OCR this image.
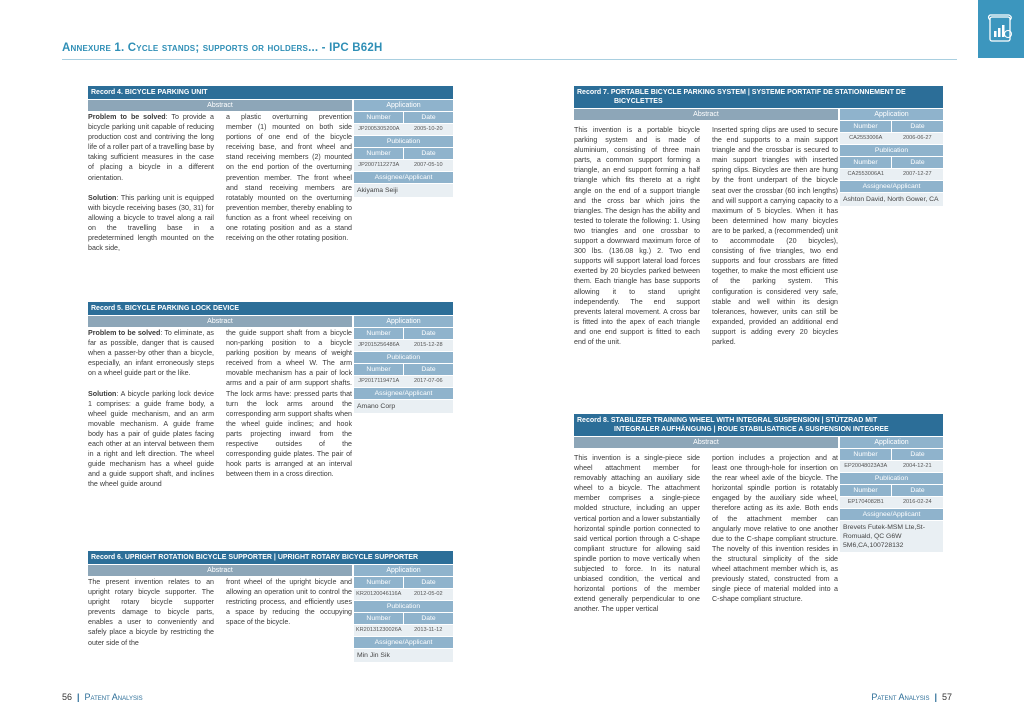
Annexure 1. Cycle stands; supports or holders... - IPC B62H
Record 4. BICYCLE PARKING UNIT
Abstract	Application

Problem to be solved: To provide a bicycle parking unit capable of reducing production cost and contriving the long life of a roller part of a travelling base by taking sufficient measures in the case of placing a bicycle in a different orientation.

Solution: This parking unit is equipped with bicycle receiving bases (30, 31) for allowing a bicycle to travel along a rail on the travelling base in a predetermined length mounted on the back side,

a plastic overturning prevention member (1) mounted on both side portions of one end of the bicycle receiving base, and front wheel and stand receiving members (2) mounted on the end portion of the overturning prevention member. The front wheel and stand receiving members are rotatably mounted on the overturning prevention member, thereby enabling to function as a front wheel receiving on one rotating position and as a stand receiving on the other rotating position.
Number	Date
JP2005305200A	2005-10-20
Publication
Number	Date
JP2007112273A	2007-05-10
Assignee/Applicant
Akiyama Seiji
Record 5. BICYCLE PARKING LOCK DEVICE
Abstract	Application

Problem to be solved: To eliminate, as far as possible, danger that is caused when a passer-by other than a bicycle, especially, an infant erroneously steps on a wheel guide part or the like.

Solution: A bicycle parking lock device 1 comprises: a guide frame body, a wheel guide mechanism, and an arm movable mechanism. A guide frame body has a pair of guide plates facing each other at an interval between them in a right and left direction. The wheel guide mechanism has a wheel guide and a guide support shaft, and inclines the wheel guide around

the guide support shaft from a bicycle non-parking position to a bicycle parking position by means of weight received from a wheel W. The arm movable mechanism has a pair of lock arms and a pair of arm support shafts. The lock arms have: pressed parts that turn the lock arms around the corresponding arm support shafts when the wheel guide inclines; and hook parts projecting inward from the respective outsides of the corresponding guide plates. The pair of hook parts is arranged at an interval between them in a cross direction.
Number	Date
JP2015256486A	2015-12-28
Publication
Number	Date
JP2017119471A	2017-07-06
Assignee/Applicant
Amano Corp
Record 6. UPRIGHT ROTATION BICYCLE SUPPORTER | UPRIGHT ROTARY BICYCLE SUPPORTER
Abstract	Application

The present invention relates to an upright rotary bicycle supporter. The upright rotary bicycle supporter prevents damage to bicycle parts, enables a user to conveniently and safely place a bicycle by restricting the outer side of the

front wheel of the upright bicycle and allowing an operation unit to control the restricting process, and efficiently uses a space by reducing the occupying space of the bicycle.
Number	Date
KR20120046116A	2012-05-02
Publication
Number	Date
KR20131230026A	2013-11-12
Assignee/Applicant
Min Jin Sik
Record 7. PORTABLE BICYCLE PARKING SYSTEM | SYSTEME PORTATIF DE STATIONNEMENT DE
BICYCLETTES
Abstract	Application

This invention is a portable bicycle parking system and is made of aluminium, consisting of three main parts, a common support forming a triangle, an end support forming a half triangle which fits thereto at a right angle on the end of a support triangle and the cross bar which joins the triangles. The design has the ability and tested to tolerate the following: 1. Using two triangles and one crossbar to support a downward maximum force of 300 lbs. (136.08 kg.) 2. Two end supports will support lateral load forces exerted by 20 bicycles parked between them. Each triangle has base supports allowing it to stand upright independently. The end support prevents lateral movement. A cross bar is fitted into the apex of each triangle and one end support is fitted to each end of the unit.

Inserted spring clips are used to secure the end supports to a main support triangle and the crossbar is secured to main support triangles with inserted spring clips. Bicycles are then are hung by the front underpart of the bicycle seat over the crossbar (60 inch lengths) and will support a carrying capacity to a maximum of 5 bicycles. When it has been determined how many bicycles are to be parked, a (recommended) unit to accommodate (20 bicycles), consisting of five triangles, two end supports and four crossbars are fitted together, to make the most efficient use of the parking system. This configuration is considered very safe, stable and well within its design tolerances, however, units can still be expanded, provided an additional end support is adding every 20 bicycles parked.
Number	Date
CA2553006A	2006-06-27
Publication
Number	Date
CA2553006A1	2007-12-27
Assignee/Applicant
Ashton David, North Gower, CA
Record 8. STABILIZER TRAINING WHEEL WITH INTEGRAL SUSPENSION | STÜTZRAD MIT
INTEGRALER AUFHÄNGUNG | ROUE STABILISATRICE A SUSPENSION INTEGREE
Abstract	Application

This invention is a single-piece side wheel attachment member for removably attaching an auxiliary side wheel to a bicycle. The attachment member comprises a single-piece molded structure, including an upper vertical portion and a lower substantially horizontal spindle portion connected to said vertical portion through a C-shape compliant structure for allowing said spindle portion to move vertically when subjected to force. In its natural unbiased condition, the vertical and horizontal portions of the member extend generally perpendicular to one another. The upper vertical

portion includes a projection and at least one through-hole for insertion on the rear wheel axle of the bicycle. The horizontal spindle portion is rotatably engaged by the auxiliary side wheel, therefore acting as its axle. Both ends of the attachment member can angularly move relative to one another due to the C-shape compliant structure. The novelty of this invention resides in the structural simplicity of the side wheel attachment member which is, as previously stated, constructed from a single piece of material molded into a C-shape compliant structure.
Number	Date
EP20048023A3A	2004-12-21
Publication
Number	Date
EP1704082B1	2016-02-24
Assignee/Applicant
Brevets Futek-MSM Lte,St-Romuald, QC G6W 5M6,CA,100728132
56 | Patent Analysis	Patent Analysis | 57
